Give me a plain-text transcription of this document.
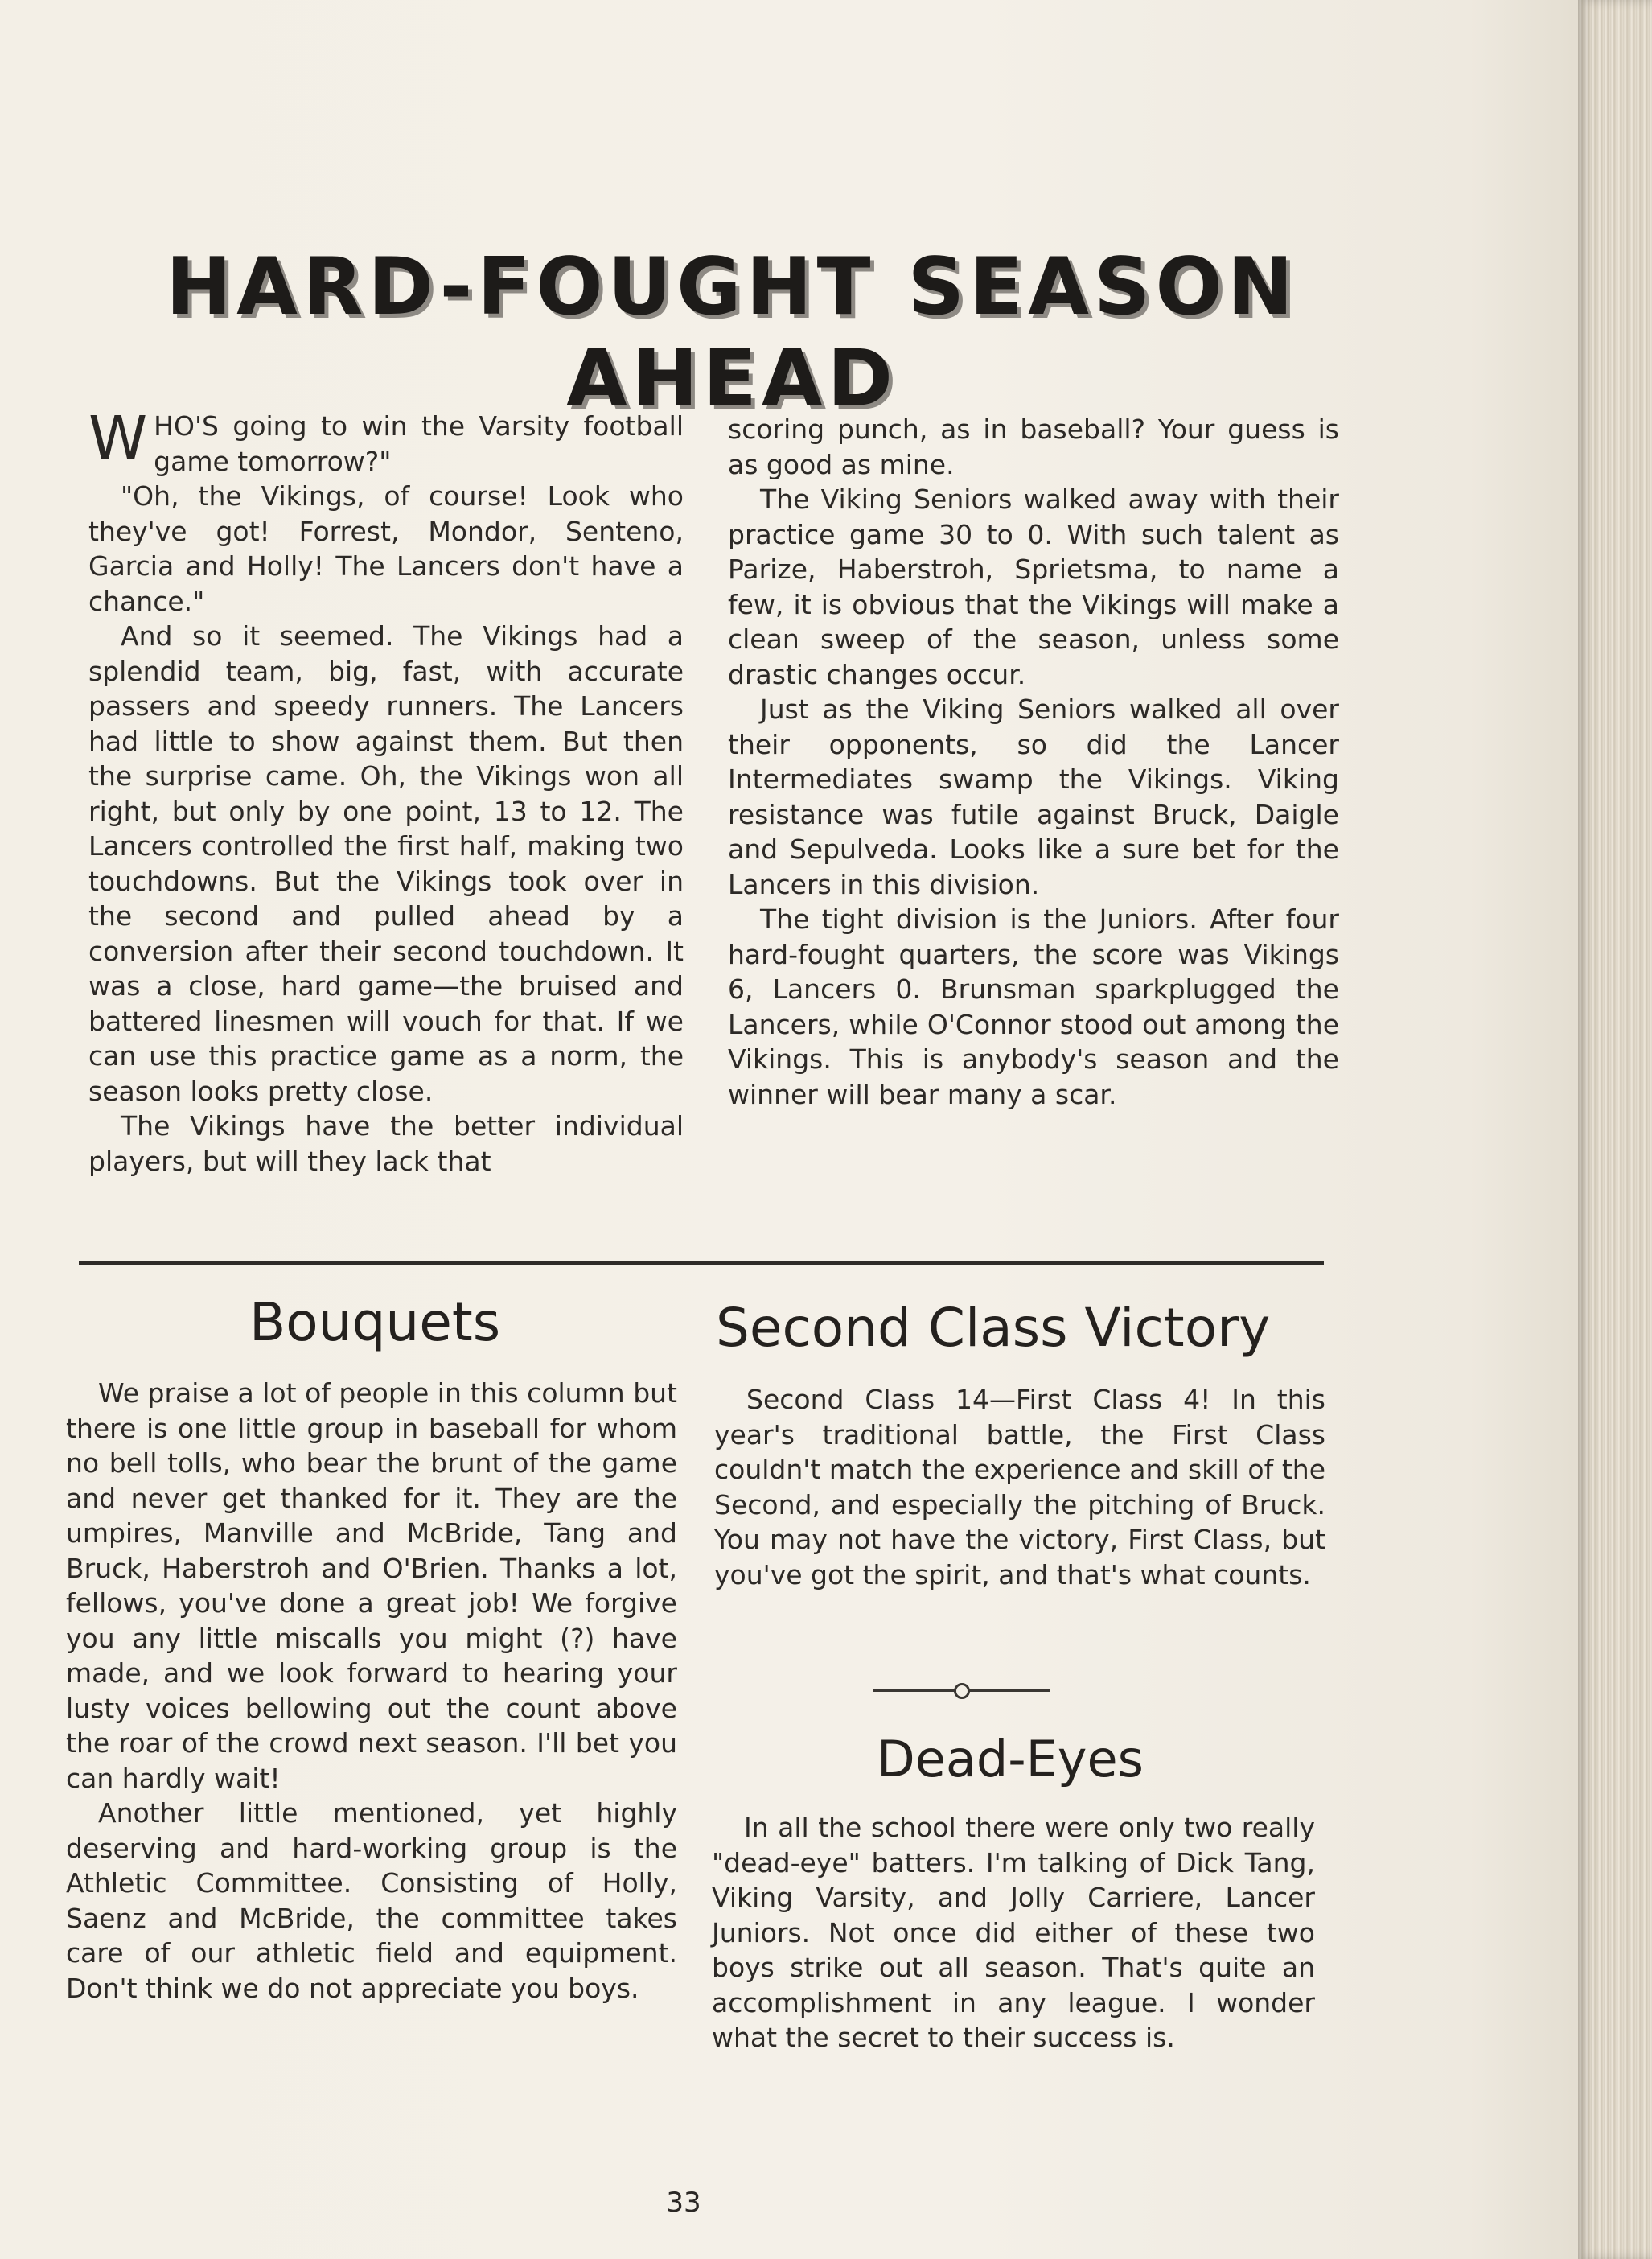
HARD-FOUGHT SEASON AHEAD

WHO'S going to win the Varsity football game tomorrow?"

"Oh, the Vikings, of course! Look who they've got! Forrest, Mondor, Senteno, Garcia and Holly! The Lancers don't have a chance."

And so it seemed. The Vikings had a splendid team, big, fast, with accurate passers and speedy runners. The Lancers had little to show against them. But then the surprise came. Oh, the Vikings won all right, but only by one point, 13 to 12. The Lancers controlled the first half, making two touchdowns. But the Vikings took over in the second and pulled ahead by a conversion after their second touchdown. It was a close, hard game—the bruised and battered linesmen will vouch for that. If we can use this practice game as a norm, the season looks pretty close.

The Vikings have the better individual players, but will they lack that

scoring punch, as in baseball? Your guess is as good as mine.

The Viking Seniors walked away with their practice game 30 to 0. With such talent as Parize, Haberstroh, Sprietsma, to name a few, it is obvious that the Vikings will make a clean sweep of the season, unless some drastic changes occur.

Just as the Viking Seniors walked all over their opponents, so did the Lancer Intermediates swamp the Vikings. Viking resistance was futile against Bruck, Daigle and Sepulveda. Looks like a sure bet for the Lancers in this division.

The tight division is the Juniors. After four hard-fought quarters, the score was Vikings 6, Lancers 0. Brunsman sparkplugged the Lancers, while O'Connor stood out among the Vikings. This is anybody's season and the winner will bear many a scar.

Bouquets

We praise a lot of people in this column but there is one little group in baseball for whom no bell tolls, who bear the brunt of the game and never get thanked for it. They are the umpires, Manville and McBride, Tang and Bruck, Haberstroh and O'Brien. Thanks a lot, fellows, you've done a great job! We forgive you any little miscalls you might (?) have made, and we look forward to hearing your lusty voices bellowing out the count above the roar of the crowd next season. I'll bet you can hardly wait!

Another little mentioned, yet highly deserving and hard-working group is the Athletic Committee. Consisting of Holly, Saenz and McBride, the committee takes care of our athletic field and equipment. Don't think we do not appreciate you boys.

Second Class Victory

Second Class 14—First Class 4! In this year's traditional battle, the First Class couldn't match the experience and skill of the Second, and especially the pitching of Bruck. You may not have the victory, First Class, but you've got the spirit, and that's what counts.

Dead-Eyes

In all the school there were only two really "dead-eye" batters. I'm talking of Dick Tang, Viking Varsity, and Jolly Carriere, Lancer Juniors. Not once did either of these two boys strike out all season. That's quite an accomplishment in any league. I wonder what the secret to their success is.

33
